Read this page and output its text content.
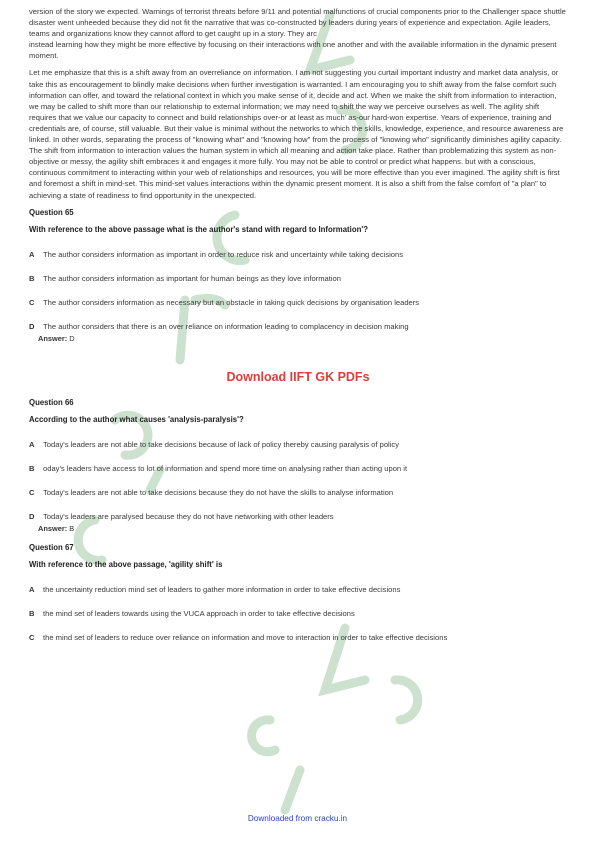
version of the story we expected. Warnings of terrorist threats before 9/11 and potential malfunctions of crucial components prior to the Challenger space shuttle disaster went unheeded because they did not fit the narrative that was co-constructed by leaders during years of experience and expectation. Agile leaders, teams and organizations know they cannot afford to get caught up in a story. They arc

instead learning how they might be more effective by focusing on their interactions with one another and with the available information in the dynamic present moment.

Let me emphasize that this is a shift away from an overreliance on information. I am not suggesting you curtail important industry and market data analysis, or take this as encouragement to blindly make decisions when further investigation is warranted. I am encouraging you to shift away from the false comfort such information can offer, and toward the relational context in which you make sense of it, decide and act. When we make the shift from information to interaction, we may be called to shift more than our relationship to external information; we may need to shift the way we perceive ourselves as well. The agility shift requires that we value our capacity to connect and build relationships over-or at least as much' as-our hard-won expertise. Years of experience, training and credentials are, of course, still valuable. But their value is minimal without the networks to which the skills, knowledge, experience, and resource awareness are linked. In other words, separating the process of "knowing what" and "knowing how" from the process of "knowing who" significantly diminishes agility capacity. The shift from information to interaction values the human system in which all meaning and action take place. Rather than problematizing this system as non-objective or messy, the agility shift embraces it and engages it more fully. You may not be able to control or predict what happens. but with a conscious, continuous commitment to interacting within your web of relationships and resources, you will be more effective than you ever imagined. The agility shift is first and foremost a shift in mind-set. This mind-set values interactions within the dynamic present moment. It is also a shift from the false comfort of "a plan" to achieving a state of readiness to find opportunity in the unexpected.

Question 65

With reference to the above passage what is the author's stand with regard to Information'?

A	The author considers information as important in order to reduce risk and uncertainty while taking decisions

B	The author considers information as important for human beings as they love information

C	The author considers information as necessary but an obstacle in taking quick decisions by organisation leaders

D	The author considers that there is an over reliance on information leading to complacency in decision making

Answer: D

Download IIFT GK PDFs

Question 66

According to the author what causes 'analysis-paralysis'?

A	Today's leaders are not able to take decisions because of lack of policy thereby causing paralysis of policy

B	oday's leaders have access to lot of information and spend more time on analysing rather than acting upon it

C	Today's leaders are not able to take decisions because they do not have the skills to analyse information

D	Today's leaders are paralysed because they do not have networking with other leaders

Answer: B

Question 67

With reference to the above passage, 'agility shift' is

A	the uncertainty reduction mind set of leaders to gather more information in order to take effective decisions

B	the mind set of leaders towards using the VUCA approach in order to take effective decisions

C	the mind set of leaders to reduce over reliance on information and move to interaction in order to take effective decisions

Downloaded from cracku.in
